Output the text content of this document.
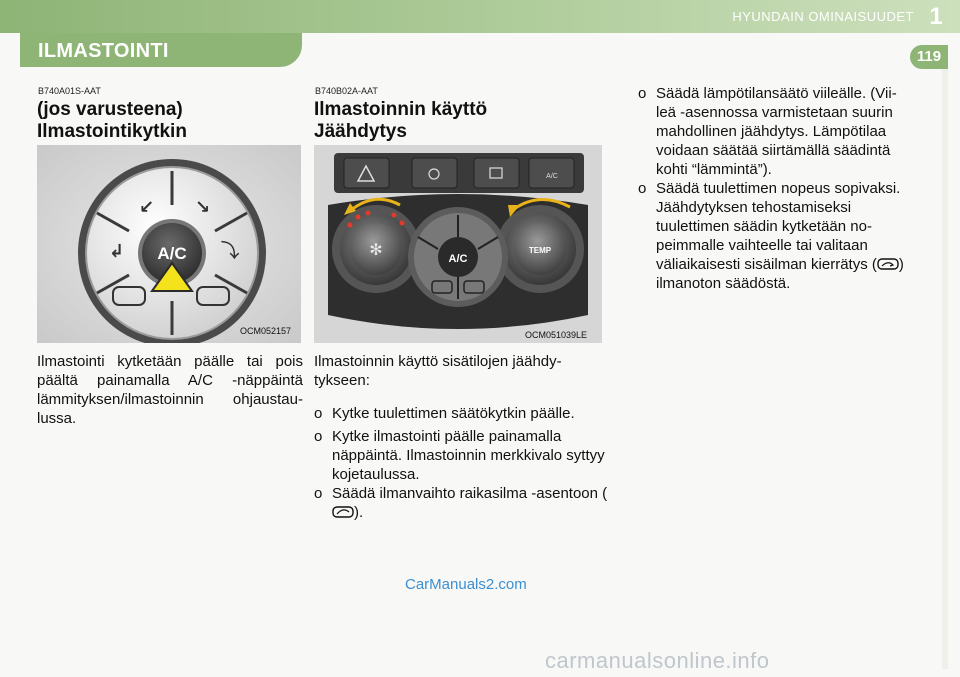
HYUNDAIN OMINAISUUDET 1
ILMASTOINTI	119
B740A01S-AAT
(jos varusteena)
Ilmastointikytkin
↙ ↘
↲	⤵
A/C
OCM052157
Ilmastointi kytketään päälle tai pois päältä painamalla A/C -näppäintä lämmityksen/ilmastoinnin ohjaustaulussa.
B740B02A-AAT
Ilmastoinnin käyttö
Jäähdytys
A/C
✻	TEMP
A/C
OCM051039LE
Ilmastoinnin käyttö sisätilojen jäähdytykseen:
o Kytke tuulettimen säätökytkin päälle.
o Kytke ilmastointi päälle painamalla näppäintä. Ilmastoinnin merkkivalo syttyy kojetaulussa.
o Säädä ilmanvaihto raikasilma -asentoon ().
o Säädä lämpötilansäätö viileälle. (Viileä -asennossa varmistetaan suurin mahdollinen jäähdytys. Lämpötilaa voidaan säätää siirtämällä säädintä kohti “lämmintä”).
o Säädä tuulettimen nopeus sopivaksi. Jäähdytyksen tehostamiseksi tuulettimen säädin kytketään nopeimmalle vaihteelle tai valitaan väliaikaisesti sisäilman kierrätys ( ) ilmanoton säädöstä.
CarManuals2.com
carmanualsonline.info
